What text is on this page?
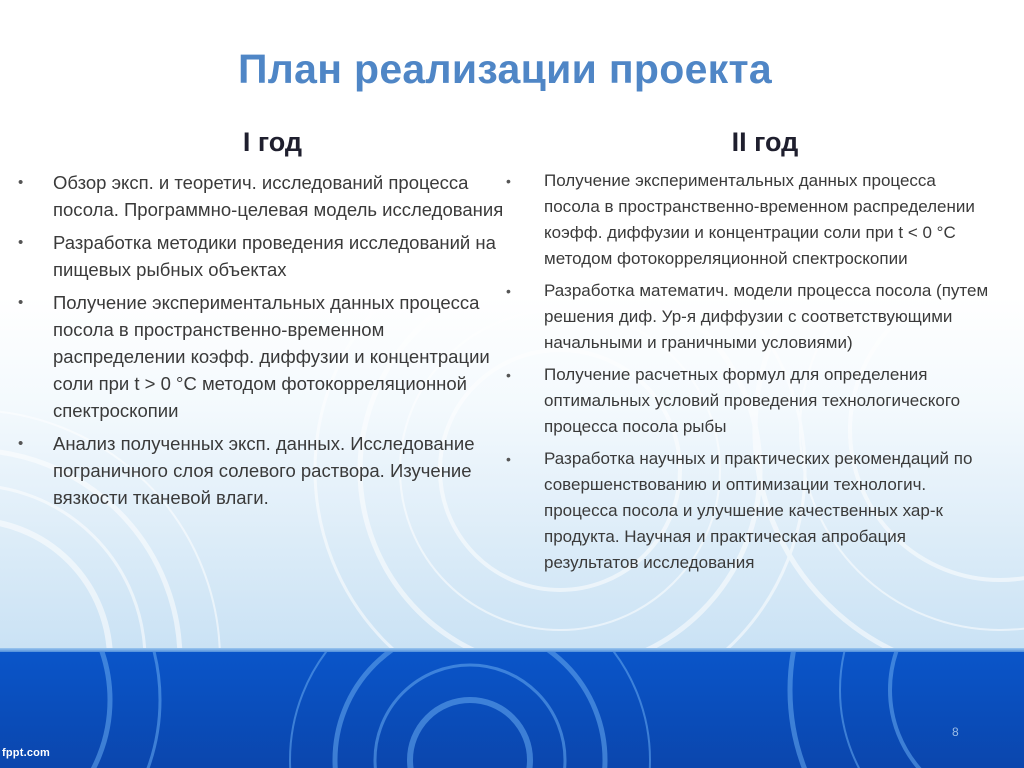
План реализации проекта
I год
• Обзор эксп. и теоретич. исследований процесса посола. Программно-целевая модель исследования
• Разработка методики проведения исследований на пищевых рыбных объектах
• Получение экспериментальных данных процесса посола в пространственно-временном распределении коэфф. диффузии и концентрации соли при t > 0 °С методом фотокорреляционной спектроскопии
• Анализ полученных эксп. данных. Исследование пограничного слоя солевого раствора. Изучение вязкости тканевой влаги.
II год
• Получение экспериментальных данных процесса посола в пространственно-временном распределении коэфф. диффузии и концентрации соли при t < 0 °С методом фотокорреляционной спектроскопии
• Разработка математич. модели процесса посола (путем решения диф. Ур-я диффузии с соответствующими начальными и граничными условиями)
• Получение расчетных формул для определения оптимальных условий проведения технологического процесса посола рыбы
• Разработка научных и практических рекомендаций по совершенствованию и оптимизации технологич. процесса посола и улучшение качественных хар-к продукта. Научная и практическая апробация результатов исследования
8
fppt.com
